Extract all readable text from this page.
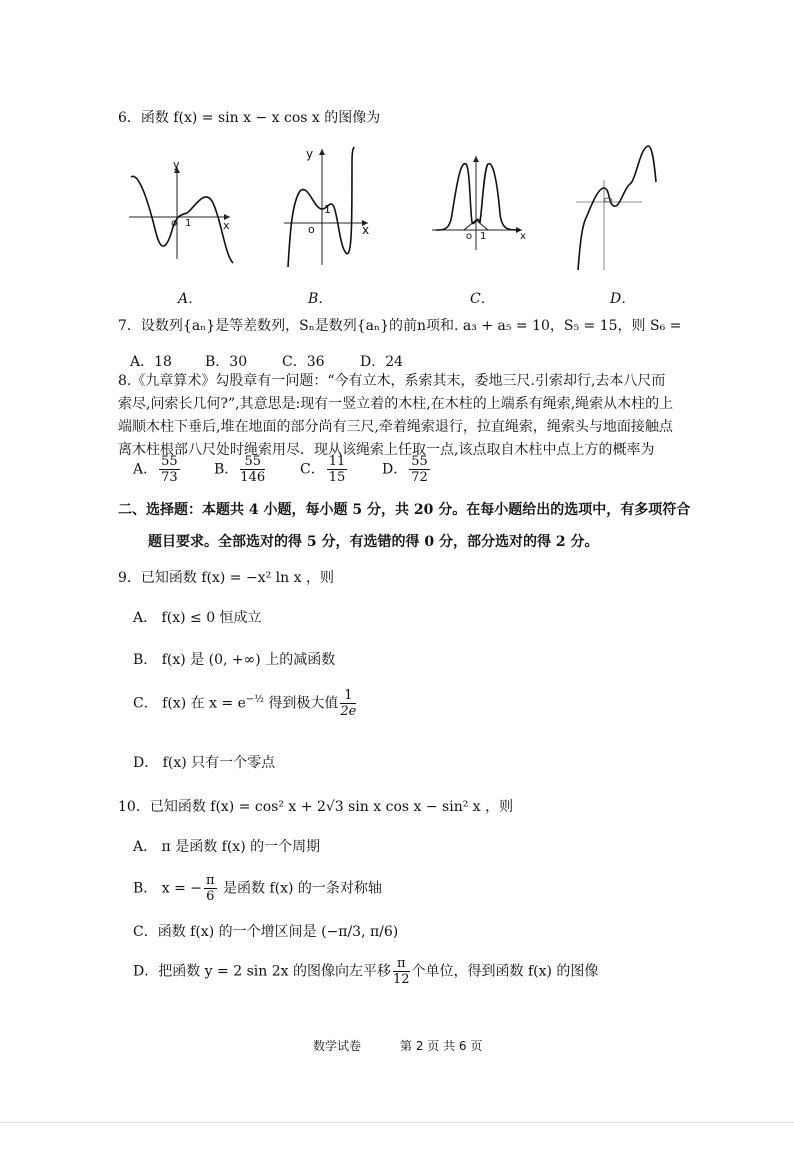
6．函数 f(x) = sin x − x cos x 的图像为
y
x
o 1
y
x
o
1
o 1	x
A．	B．	C．	D．
7．设数列{aₙ}是等差数列，Sₙ是数列{aₙ}的前n项和. a₃ + a₅ = 10，S₅ = 15，则 S₆ =
A．18 B．30 C．36	D．24
8.《九章算术》勾股章有一问题：“今有立木，系索其末，委地三尺.引索却行,去本八尺而索尽,问索长几何?”,其意思是:现有一竖立着的木柱,在木柱的上端系有绳索,绳索从木柱的上端顺木柱下垂后,堆在地面的部分尚有三尺,牵着绳索退行，拉直绳索，绳索头与地面接触点离木柱根部八尺处时绳索用尽．现从该绳索上任取一点,该点取自木柱中点上方的概率为
A． $\frac{55}{73}$ B． $\frac{55}{146}$ C． $\frac{11}{15}$ D． $\frac{55}{72}$
二、选择题：本题共 4 小题，每小题 5 分，共 20 分。在每小题给出的选项中，有多项符合
题目要求。全部选对的得 5 分，有选错的得 0 分，部分选对的得 2 分。
9．已知函数 f(x) = −x² ln x ，则
A． f(x) ≤ 0 恒成立
B． f(x) 是 (0, +∞) 上的减函数
C． f(x) 在 $x = e^{-\frac{1}{2}}$ 得到极大值 $\frac{1}{2e}$
D． f(x) 只有一个零点
10．已知函数 f(x) = cos² x + 2√3 sin x cos x − sin² x ，则
A． π 是函数 f(x) 的一个周期
B． x = − $\frac{\pi}{6}$ 是函数 f(x) 的一条对称轴
C．函数 f(x) 的一个增区间是 (−π/3, π/6)
D．把函数 y = 2 sin 2x 的图像向左平移 $\frac{\pi}{12}$ 个单位，得到函数 f(x) 的图像
数学试卷	第 2 页 共 6 页
